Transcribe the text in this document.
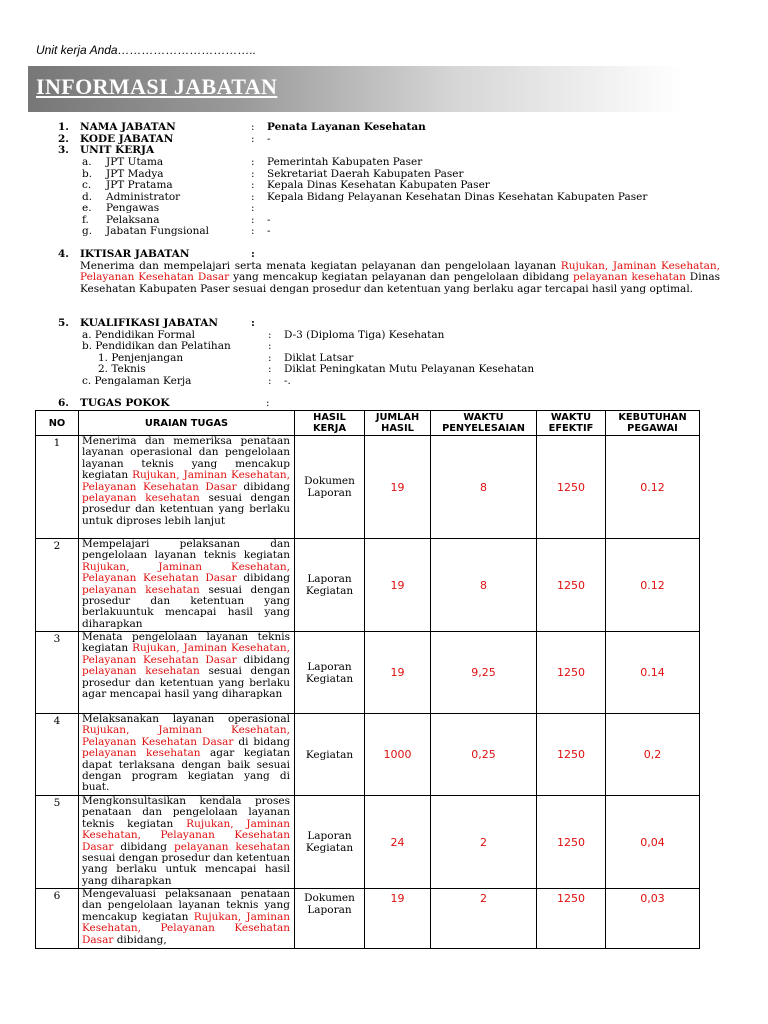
Unit kerja Anda……………………………..
INFORMASI JABATAN
1. NAMA JABATAN	: Penata Layanan Kesehatan
2. KODE JABATAN	: -
3. UNIT KERJA
a. JPT Utama	: Pemerintah Kabupaten Paser
b. JPT Madya	: Sekretariat Daerah Kabupaten Paser
c. JPT Pratama	: Kepala Dinas Kesehatan Kabupaten Paser
d. Administrator	: Kepala Bidang Pelayanan Kesehatan Dinas Kesehatan Kabupaten Paser
e. Pengawas	:
f. Pelaksana	: -
g. Jabatan Fungsional	: -
4. IKTISAR JABATAN	:
Menerima dan mempelajari serta menata kegiatan pelayanan dan pengelolaan layanan Rujukan, Jaminan Kesehatan, Pelayanan Kesehatan Dasar yang mencakup kegiatan pelayanan dan pengelolaan dibidang pelayanan kesehatan Dinas Kesehatan Kabupaten Paser sesuai dengan prosedur dan ketentuan yang berlaku agar tercapai hasil yang optimal.
5. KUALIFIKASI JABATAN	:
a. Pendidikan Formal	: D-3 (Diploma Tiga) Kesehatan
b. Pendidikan dan Pelatihan	:
1. Penjenjangan	: Diklat Latsar
2. Teknis	: Diklat Peningkatan Mutu Pelayanan Kesehatan
c. Pengalaman Kerja	: -.
6. TUGAS POKOK	:
NO	URAIAN TUGAS	HASIL KERJA	JUMLAH HASIL	WAKTU PENYELESAIAN	WAKTU EFEKTIF	KEBUTUHAN PEGAWAI
1	Menerima dan memeriksa penataan layanan operasional dan pengelolaan layanan teknis yang mencakup kegiatan Rujukan, Jaminan Kesehatan, Pelayanan Kesehatan Dasar dibidang pelayanan kesehatan sesuai dengan prosedur dan ketentuan yang berlaku untuk diproses lebih lanjut	Dokumen Laporan	19	8	1250	0.12
2	Mempelajari pelaksanan dan pengelolaan layanan teknis kegiatan Rujukan, Jaminan Kesehatan, Pelayanan Kesehatan Dasar dibidang pelayanan kesehatan sesuai dengan prosedur dan ketentuan yang berlakuuntuk mencapai hasil yang diharapkan	Laporan Kegiatan	19	8	1250	0.12
3	Menata pengelolaan layanan teknis kegiatan Rujukan, Jaminan Kesehatan, Pelayanan Kesehatan Dasar dibidang pelayanan kesehatan sesuai dengan prosedur dan ketentuan yang berlaku agar mencapai hasil yang diharapkan	Laporan Kegiatan	19	9,25	1250	0.14
4	Melaksanakan layanan operasional Rujukan, Jaminan Kesehatan, Pelayanan Kesehatan Dasar di bidang pelayanan kesehatan agar kegiatan dapat terlaksana dengan baik sesuai dengan program kegiatan yang di buat.	Kegiatan	1000	0,25	1250	0,2
5	Mengkonsultasikan kendala proses penataan dan pengelolaan layanan teknis kegiatan Rujukan, Jaminan Kesehatan, Pelayanan Kesehatan Dasar dibidang pelayanan kesehatan sesuai dengan prosedur dan ketentuan yang berlaku untuk mencapai hasil yang diharapkan	Laporan Kegiatan	24	2	1250	0,04
6	Mengevaluasi pelaksanaan penataan dan pengelolaan layanan teknis yang mencakup kegiatan Rujukan, Jaminan Kesehatan, Pelayanan Kesehatan Dasar dibidang,	Dokumen Laporan	19	2	1250	0,03
